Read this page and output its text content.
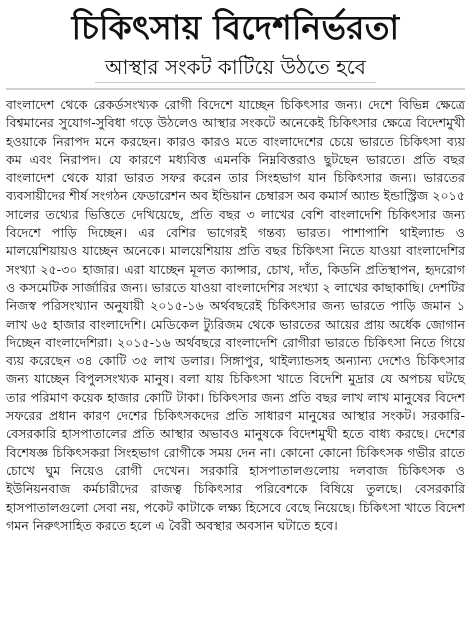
চিকিৎসায় বিদেশনির্ভরতা
আস্থার সংকট কাটিয়ে উঠতে হবে

বাংলাদেশ থেকে রেকর্ডসংখ্যক রোগী বিদেশে যাচ্ছেন চিকিৎসার জন্য। দেশে বিভিন্ন ক্ষেত্রে বিশ্বমানের সুযোগ-সুবিধা গড়ে উঠলেও আস্থার সংকটে অনেকেই চিকিৎসার ক্ষেত্রে বিদেশমুখী হওয়াকে নিরাপদ মনে করছেন। কারও কারও মতে বাংলাদেশের চেয়ে ভারতে চিকিৎসা ব্যয় কম এবং নিরাপদ। যে কারণে মধ্যবিত্ত এমনকি নিম্নবিত্তরাও ছুটছেন ভারতে। প্রতি বছর বাংলাদেশ থেকে যারা ভারত সফর করেন তার সিংহভাগ যান চিকিৎসার জন্য। ভারতের ব্যবসায়ীদের শীর্ষ সংগঠন ফেডারেশন অব ইন্ডিয়ান চেম্বারস অব কমার্স অ্যান্ড ইন্ডাস্ট্রিজ ২০১৫ সালের তথ্যের ভিত্তিতে দেখিয়েছে, প্রতি বছর ৩ লাখের বেশি বাংলাদেশি চিকিৎসার জন্য বিদেশে পাড়ি দিচ্ছেন। এর বেশির ভাগেরই গন্তব্য ভারত। পাশাপাশি থাইল্যান্ড ও মালয়েশিয়ায়ও যাচ্ছেন অনেকে। মালয়েশিয়ায় প্রতি বছর চিকিৎসা নিতে যাওয়া বাংলাদেশির সংখ্যা ২৫-৩০ হাজার। এরা যাচ্ছেন মূলত ক্যান্সার, চোখ, দাঁত, কিডনি প্রতিস্থাপন, হৃদরোগ ও কসমেটিক সার্জারির জন্য। ভারতে যাওয়া বাংলাদেশির সংখ্যা ২ লাখের কাছাকাছি। দেশটির নিজস্ব পরিসংখ্যান অনুযায়ী ২০১৫-১৬ অর্থবছরেই চিকিৎসার জন্য ভারতে পাড়ি জমান ১ লাখ ৬৫ হাজার বাংলাদেশি। মেডিকেল ট্যুরিজম থেকে ভারতের আয়ের প্রায় অর্ধেক জোগান দিচ্ছেন বাংলাদেশিরা। ২০১৫-১৬ অর্থবছরে বাংলাদেশি রোগীরা ভারতে চিকিৎসা নিতে গিয়ে ব্যয় করেছেন ৩৪ কোটি ৩৫ লাখ ডলার। সিঙ্গাপুর, থাইল্যান্ডসহ অন্যান্য দেশেও চিকিৎসার জন্য যাচ্ছেন বিপুলসংখ্যক মানুষ। বলা যায় চিকিৎসা খাতে বিদেশি মুদ্রার যে অপচয় ঘটছে তার পরিমাণ কয়েক হাজার কোটি টাকা। চিকিৎসার জন্য প্রতি বছর লাখ লাখ মানুষের বিদেশ সফরের প্রধান কারণ দেশের চিকিৎসকদের প্রতি সাধারণ মানুষের আস্থার সংকট। সরকারি-বেসরকারি হাসপাতালের প্রতি আস্থার অভাবও মানুষকে বিদেশমুখী হতে বাধ্য করছে। দেশের বিশেষজ্ঞ চিকিৎসকরা সিংহভাগ রোগীকে সময় দেন না। কোনো কোনো চিকিৎসক গভীর রাতে চোখে ঘুম নিয়েও রোগী দেখেন। সরকারি হাসপাতালগুলোয় দলবাজ চিকিৎসক ও ইউনিয়নবাজ কর্মচারীদের রাজত্ব চিকিৎসার পরিবেশকে বিষিয়ে তুলছে। বেসরকারি হাসপাতালগুলো সেবা নয়, পকেট কাটাকে লক্ষ্য হিসেবে বেছে নিয়েছে। চিকিৎসা খাতে বিদেশ গমন নিরুৎসাহিত করতে হলে এ বৈরী অবস্থার অবসান ঘটাতে হবে।
